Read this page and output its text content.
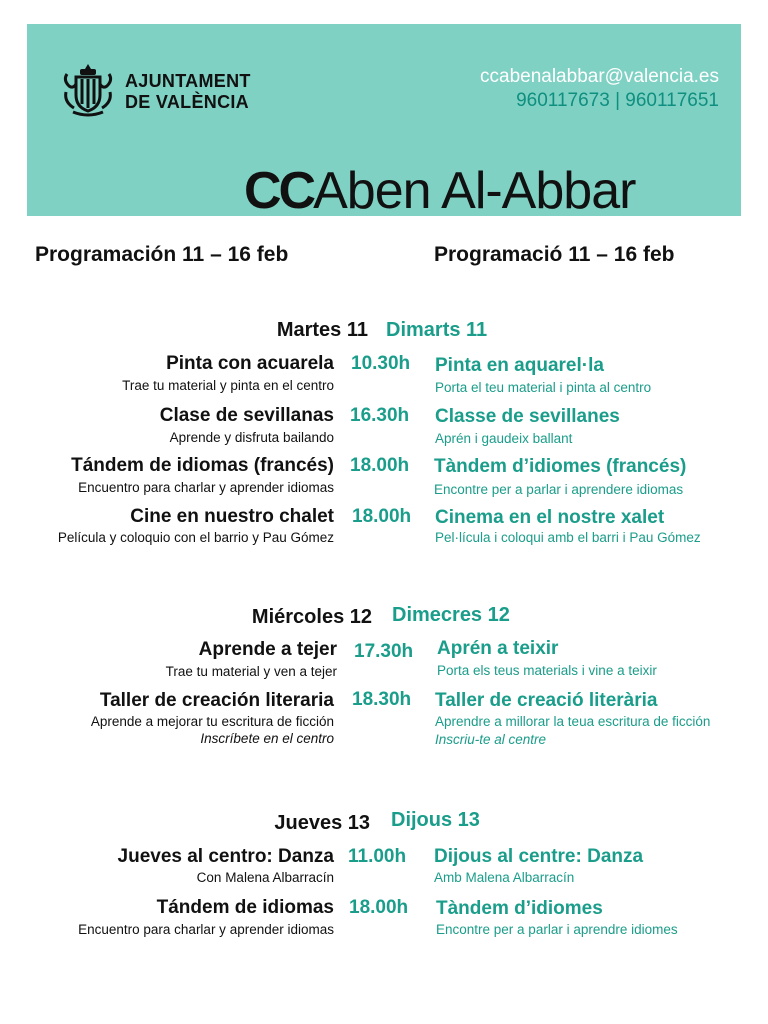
AJUNTAMENT
DE VALÈNCIA
ccabenalabbar@valencia.es
960117673 | 960117651
CCAben Al-Abbar
Programación 11 – 16 feb	Programació 11 – 16 feb
Martes 11 Dimarts 11
Pinta con acuarela
Trae tu material y pinta en el centro
10.30h Pinta en aquarel·la
Porta el teu material i pinta al centro
Clase de sevillanas
Aprende y disfruta bailando
16.30h Classe de sevillanes
Aprén i gaudeix ballant
Tándem de idiomas (francés)
Encuentro para charlar y aprender idiomas
18.00h Tàndem d’idiomes (francés)
Encontre per a parlar i aprendere idiomas
Cine en nuestro chalet
Película y coloquio con el barrio y Pau Gómez
18.00h Cinema en el nostre xalet
Pel·lícula i coloqui amb el barri i Pau Gómez
Miércoles 12 Dimecres 12
Aprende a tejer
Trae tu material y ven a tejer
17.30h Aprén a teixir
Porta els teus materials i vine a teixir
Taller de creación literaria
Aprende a mejorar tu escritura de ficción
Inscríbete en el centro
18.30h Taller de creació literària
Aprendre a millorar la teua escritura de ficción
Inscriu-te al centre
Jueves 13 Dijous 13
Jueves al centro: Danza
Con Malena Albarracín
11.00h Dijous al centre: Danza
Amb Malena Albarracín
Tándem de idiomas
Encuentro para charlar y aprender idiomas
18.00h Tàndem d’idiomes
Encontre per a parlar i aprendre idiomes
